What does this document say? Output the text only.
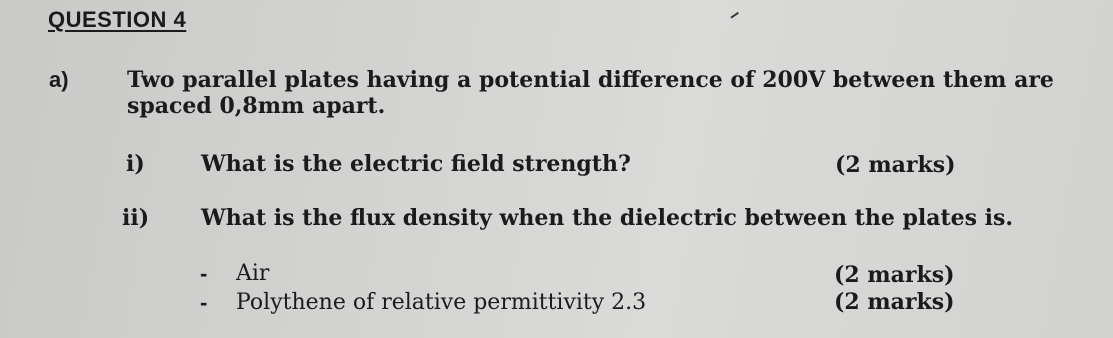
QUESTION 4
a)	Two parallel plates having a potential difference of 200V between them are
spaced 0,8mm apart.
i)	What is the electric field strength?	(2 marks)
ii) What is the flux density when the dielectric between the plates is.
- Air	(2 marks)
- Polythene of relative permittivity 2.3	(2 marks)
